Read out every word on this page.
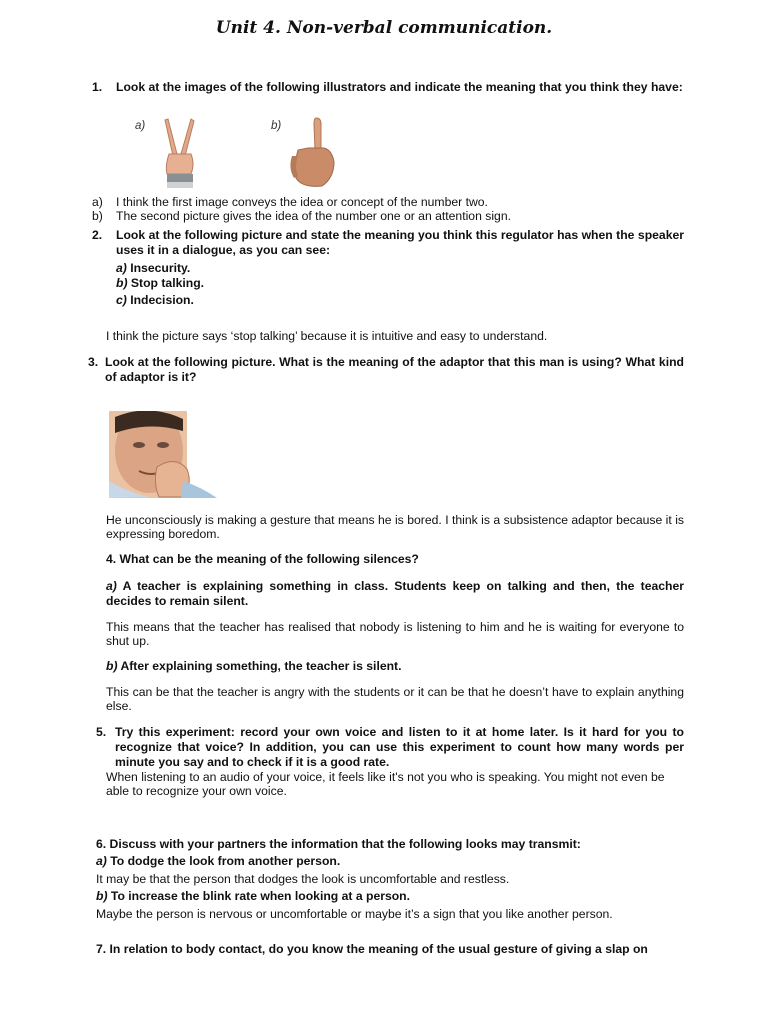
Unit 4. Non-verbal communication.
1. Look at the images of the following illustrators and indicate the meaning that you think they have:
a)	b)
a) I think the first image conveys the idea or concept of the number two.
b) The second picture gives the idea of the number one or an attention sign.
2. Look at the following picture and state the meaning you think this regulator has when the speaker uses it in a dialogue, as you can see:
a) Insecurity.
b) Stop talking.
c) Indecision.
I think the picture says ‘stop talking’ because it is intuitive and easy to understand.
3. Look at the following picture. What is the meaning of the adaptor that this man is using? What kind of adaptor is it?
He unconsciously is making a gesture that means he is bored. I think is a subsistence adaptor because it is expressing boredom.
4. What can be the meaning of the following silences?
a) A teacher is explaining something in class. Students keep on talking and then, the teacher decides to remain silent.
This means that the teacher has realised that nobody is listening to him and he is waiting for everyone to shut up.
b) After explaining something, the teacher is silent.
This can be that the teacher is angry with the students or it can be that he doesn’t have to explain anything else.
5. Try this experiment: record your own voice and listen to it at home later. Is it hard for you to recognize that voice? In addition, you can use this experiment to count how many words per minute you say and to check if it is a good rate.
When listening to an audio of your voice, it feels like it's not you who is speaking. You might not even be able to recognize your own voice.
6. Discuss with your partners the information that the following looks may transmit:
a) To dodge the look from another person.
It may be that the person that dodges the look is uncomfortable and restless.
b) To increase the blink rate when looking at a person.
Maybe the person is nervous or uncomfortable or maybe it’s a sign that you like another person.
7. In relation to body contact, do you know the meaning of the usual gesture of giving a slap on
